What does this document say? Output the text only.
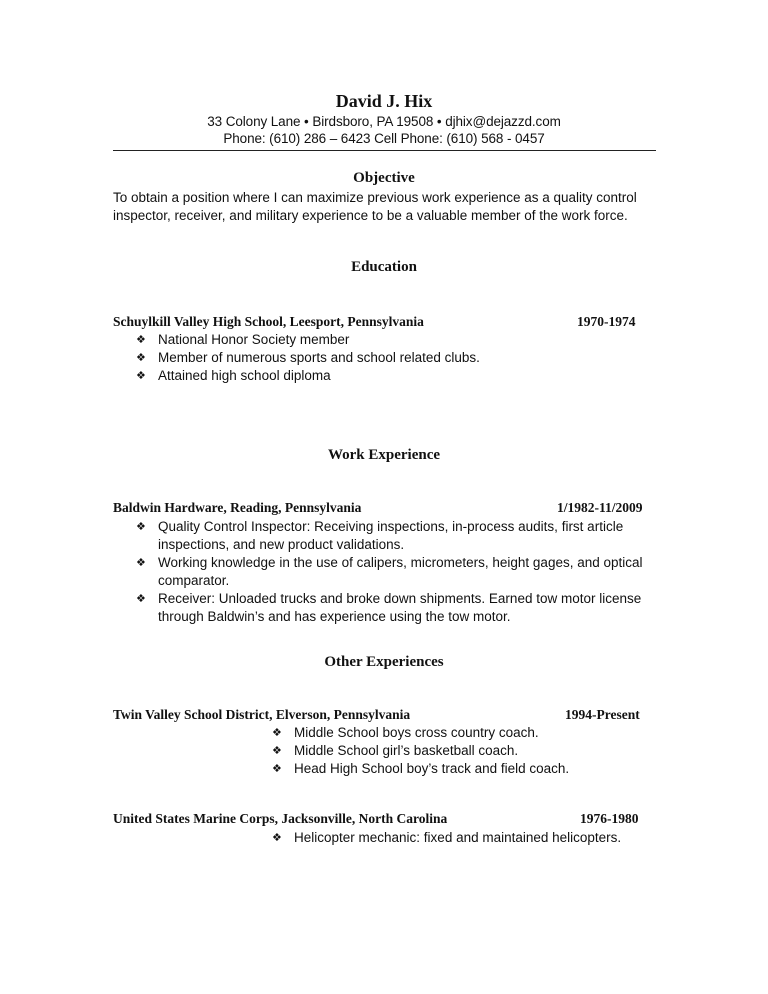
David J. Hix
33 Colony Lane • Birdsboro, PA 19508 • djhix@dejazzd.com
Phone: (610) 286 – 6423 Cell Phone: (610) 568 - 0457
Objective
To obtain a position where I can maximize previous work experience as a quality control inspector, receiver, and military experience to be a valuable member of the work force.
Education
Schuylkill Valley High School, Leesport, Pennsylvania	1970-1974
❖ National Honor Society member
❖ Member of numerous sports and school related clubs.
❖ Attained high school diploma
Work Experience
Baldwin Hardware, Reading, Pennsylvania	1/1982-11/2009
❖ Quality Control Inspector: Receiving inspections, in-process audits, first article inspections, and new product validations.
❖ Working knowledge in the use of calipers, micrometers, height gages, and optical comparator.
❖ Receiver: Unloaded trucks and broke down shipments. Earned tow motor license through Baldwin’s and has experience using the tow motor.
Other Experiences
Twin Valley School District, Elverson, Pennsylvania	1994-Present
❖ Middle School boys cross country coach.
❖ Middle School girl’s basketball coach.
❖ Head High School boy’s track and field coach.
United States Marine Corps, Jacksonville, North Carolina	1976-1980
❖ Helicopter mechanic: fixed and maintained helicopters.
